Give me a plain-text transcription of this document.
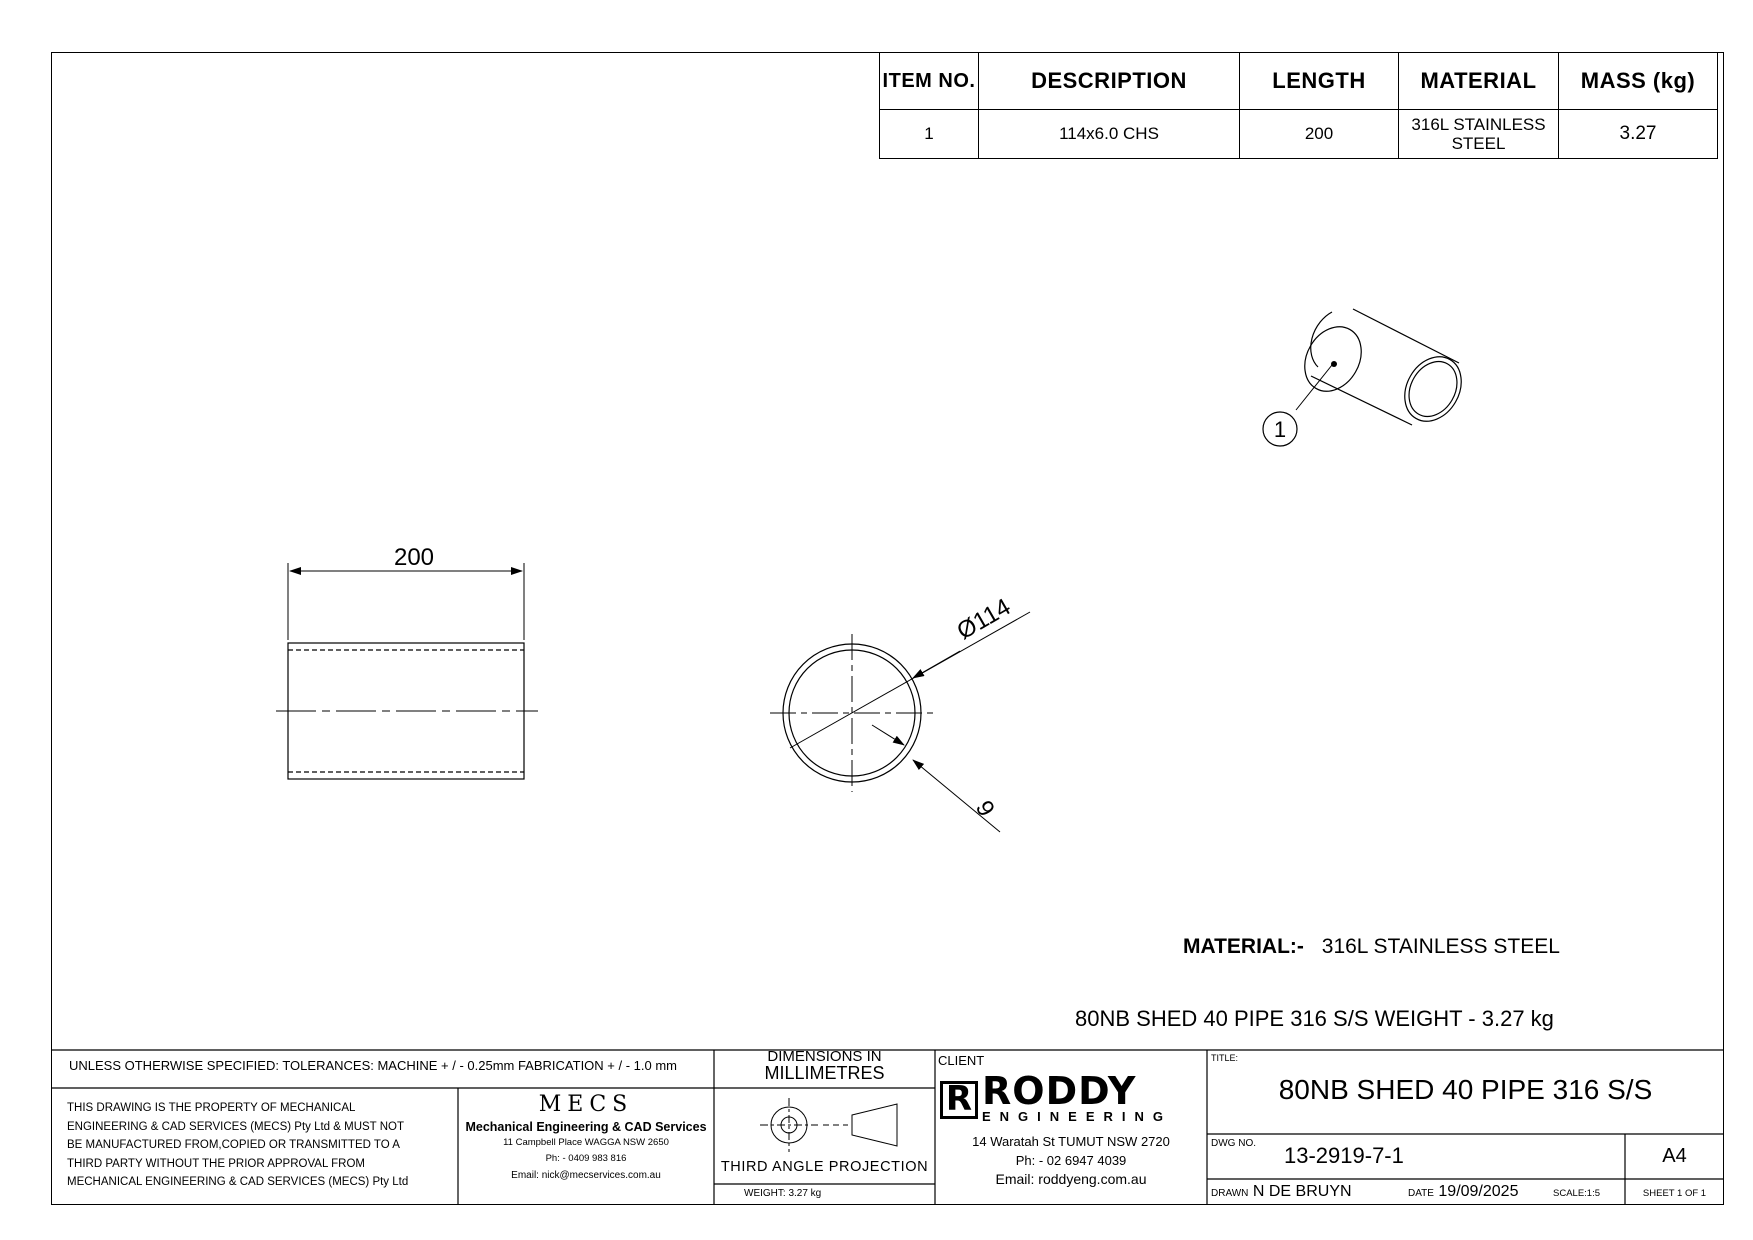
ITEM NO.	DESCRIPTION	LENGTH	MATERIAL	MASS (kg)
1	114x6.0 CHS	200	316L STAINLESS STEEL	3.27
200
Ø114
6
1
MATERIAL:- 316L STAINLESS STEEL
80NB SHED 40 PIPE 316 S/S WEIGHT - 3.27 kg
UNLESS OTHERWISE SPECIFIED: TOLERANCES: MACHINE + / - 0.25mm FABRICATION + / - 1.0 mm
DIMENSIONS IN
MILLIMETRES
THIS DRAWING IS THE PROPERTY OF MECHANICAL
ENGINEERING & CAD SERVICES (MECS) Pty Ltd & MUST NOT
BE MANUFACTURED FROM,COPIED OR TRANSMITTED TO A
THIRD PARTY WITHOUT THE PRIOR APPROVAL FROM
MECHANICAL ENGINEERING & CAD SERVICES (MECS) Pty Ltd
MECS
Mechanical Engineering & CAD Services
11 Campbell Place WAGGA NSW 2650
Ph: - 0409 983 816
Email: nick@mecservices.com.au
THIRD ANGLE PROJECTION
WEIGHT: 3.27 kg
CLIENT
R RODDY
ENGINEERING
14 Waratah St TUMUT NSW 2720
Ph: - 02 6947 4039
Email: roddyeng.com.au
TITLE:
80NB SHED 40 PIPE 316 S/S
DWG NO. 13-2919-7-1	A4
DRAWN N DE BRUYN	DATE 19/09/2025	SCALE:1:5	SHEET 1 OF 1
